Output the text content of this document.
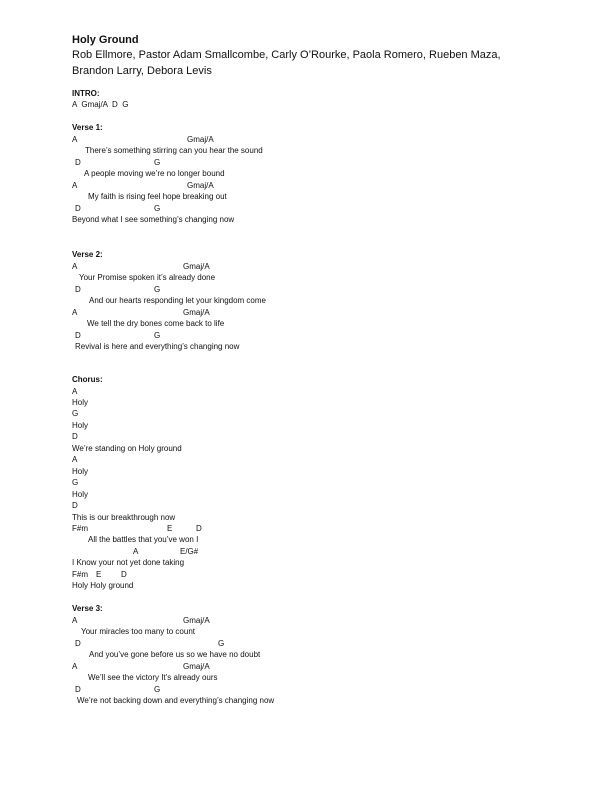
Holy Ground
Rob Ellmore, Pastor Adam Smallcombe, Carly O’Rourke, Paola Romero, Rueben Maza,
Brandon Larry, Debora Levis
INTRO:
A  Gmaj/A  D  G
Verse 1:
A	Gmaj/A
There’s something stirring can you hear the sound
D	G
A people moving we’re no longer bound
A	Gmaj/A
My faith is rising feel hope breaking out
D	G
Beyond what I see something’s changing now
Verse 2:
A	Gmaj/A
Your Promise spoken it’s already done
D	G
And our hearts responding let your kingdom come
A	Gmaj/A
We tell the dry bones come back to life
D	G
Revival is here and everything’s changing now
Chorus:
A
Holy
G
Holy
D
We’re standing on Holy ground
A
Holy
G
Holy
D
This is our breakthrough now
F#m	E	D
All the battles that you’ve won I
A	E/G#
I Know your not yet done taking
F#m E D
Holy Holy ground
Verse 3:
A	Gmaj/A
Your miracles too many to count
D	G
And you’ve gone before us so we have no doubt
A	Gmaj/A
We’ll see the victory It’s already ours
D	G
We’re not backing down and everything’s changing now
